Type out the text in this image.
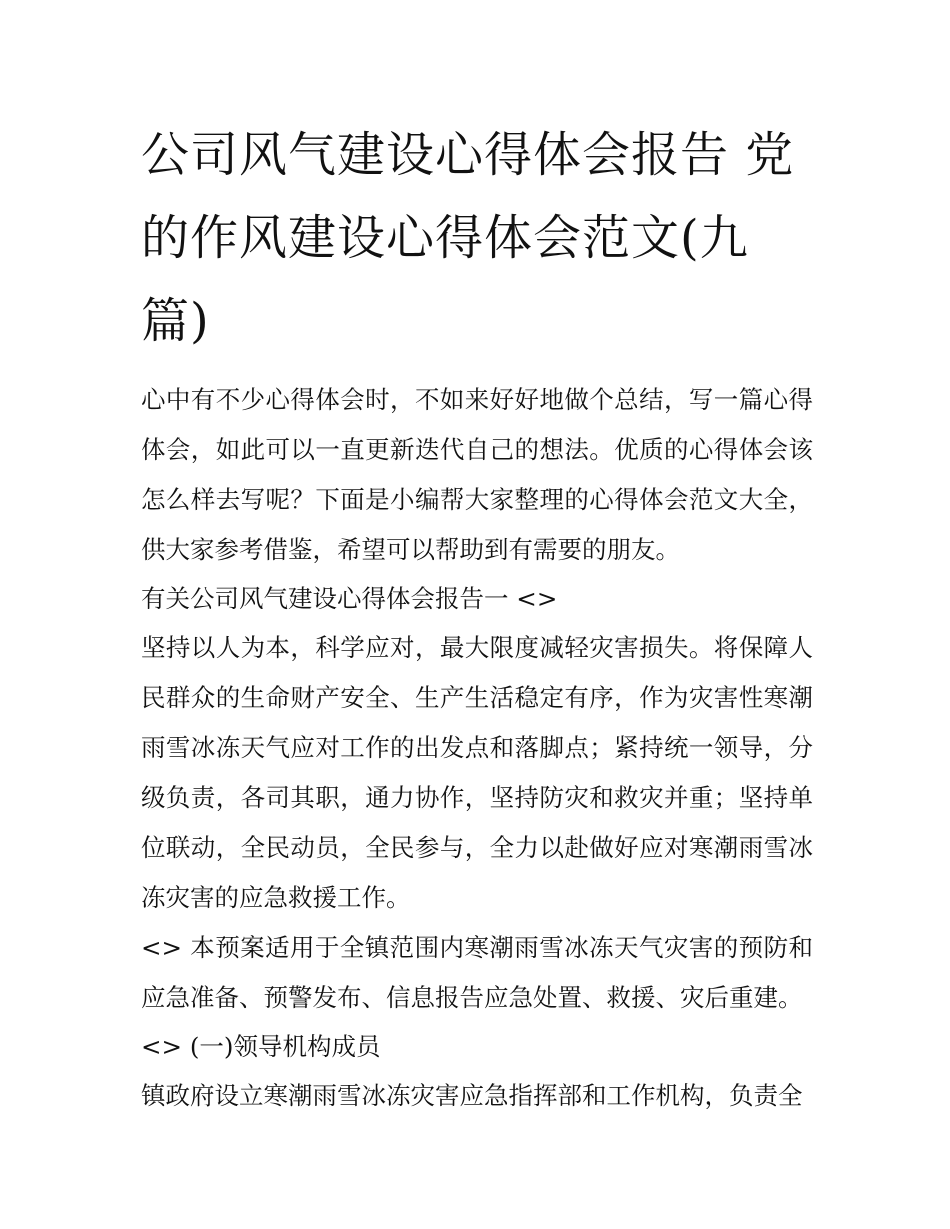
公司风气建设心得体会报告 党的作风建设心得体会范文(九篇)

心中有不少心得体会时，不如来好好地做个总结，写一篇心得体会，如此可以一直更新迭代自己的想法。优质的心得体会该怎么样去写呢？下面是小编帮大家整理的心得体会范文大全，供大家参考借鉴，希望可以帮助到有需要的朋友。

有关公司风气建设心得体会报告一 <>

坚持以人为本，科学应对，最大限度减轻灾害损失。将保障人民群众的生命财产安全、生产生活稳定有序，作为灾害性寒潮雨雪冰冻天气应对工作的出发点和落脚点；紧持统一领导，分级负责，各司其职，通力协作，坚持防灾和救灾并重；坚持单位联动，全民动员，全民参与，全力以赴做好应对寒潮雨雪冰冻灾害的应急救援工作。

<> 本预案适用于全镇范围内寒潮雨雪冰冻天气灾害的预防和应急准备、预警发布、信息报告应急处置、救援、灾后重建。

<> (一)领导机构成员

镇政府设立寒潮雨雪冰冻灾害应急指挥部和工作机构，负责全
